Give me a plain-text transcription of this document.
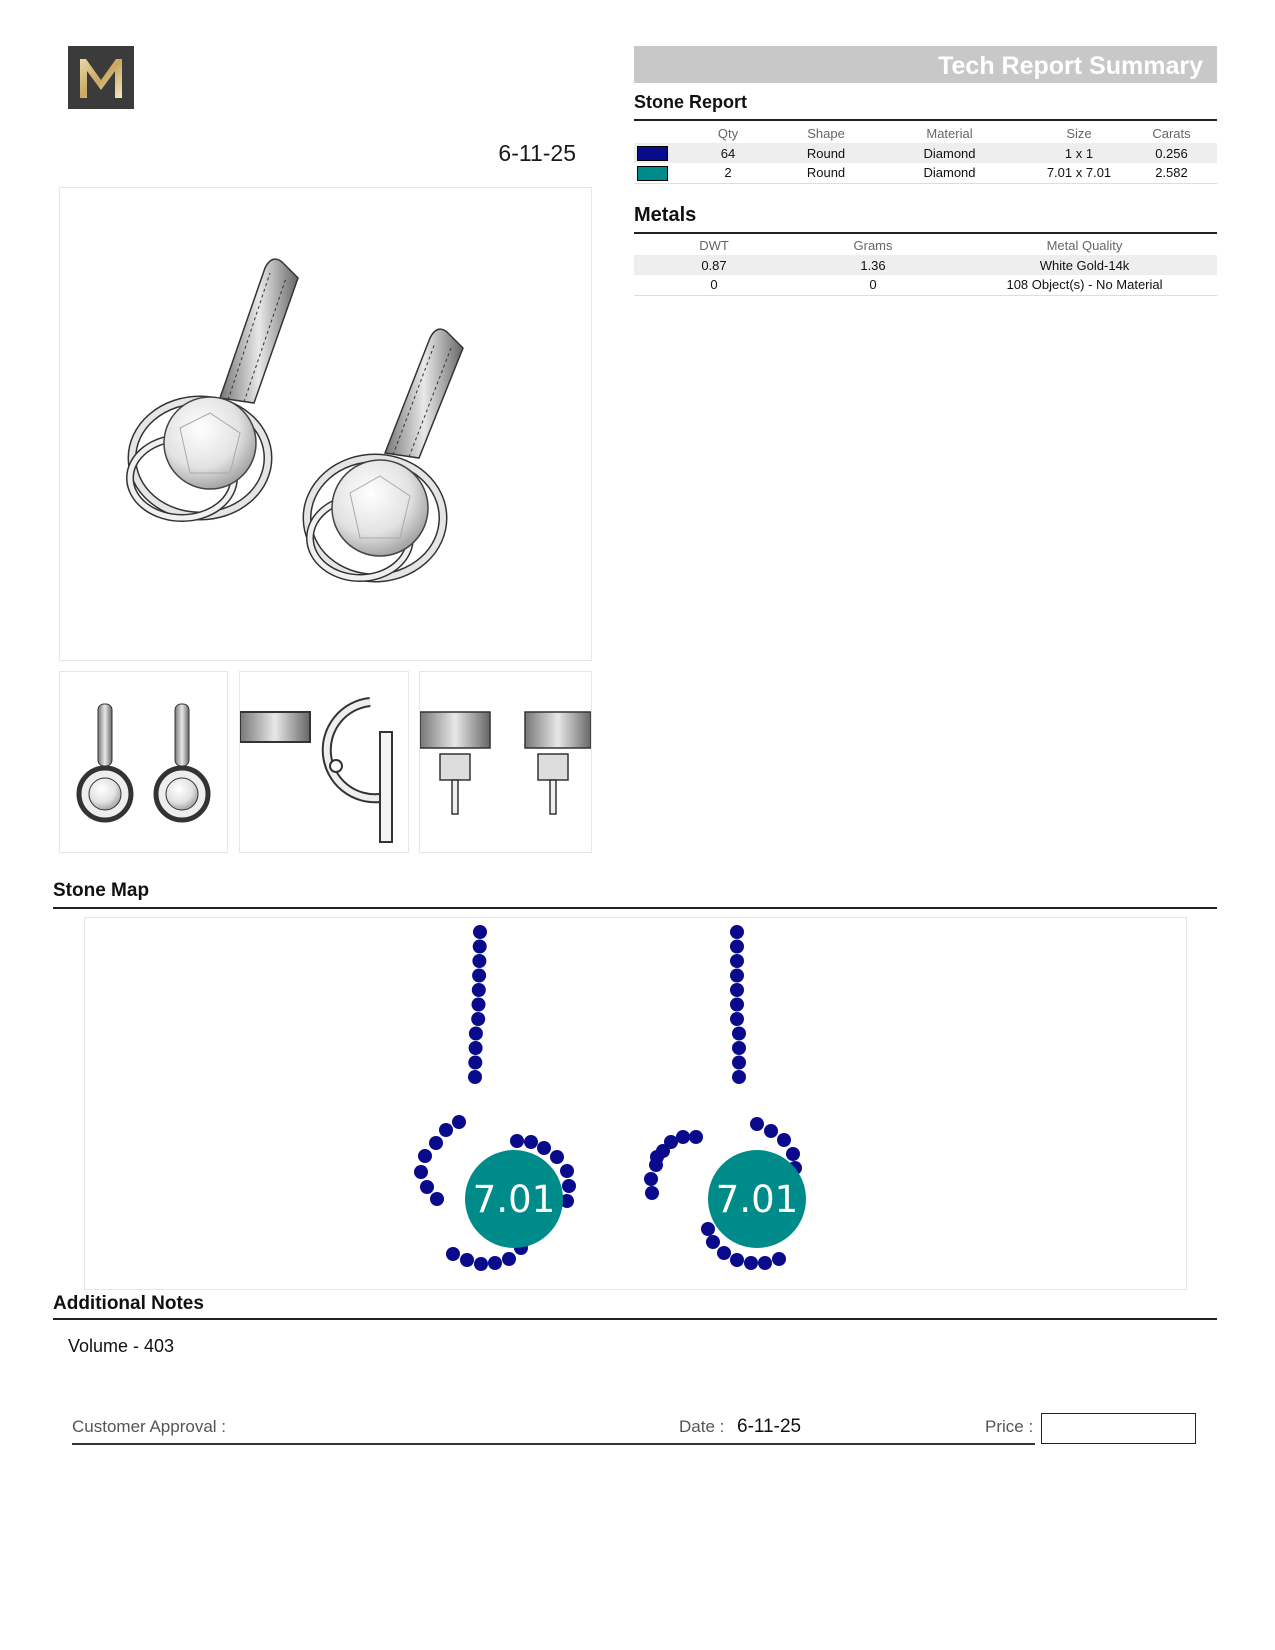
6-11-25
Tech Report Summary
Stone Report
	Qty	Shape	Material	Size	Carats
	64	Round	Diamond	1 x 1	0.256
	2	Round	Diamond	7.01 x 7.01	2.582
Metals
DWT	Grams	Metal Quality
0.87	1.36	White Gold-14k
0	0	108 Object(s) - No Material
Stone Map
7.01	7.01
Additional Notes
Volume - 403
Customer Approval :	Date : 6-11-25	Price :
